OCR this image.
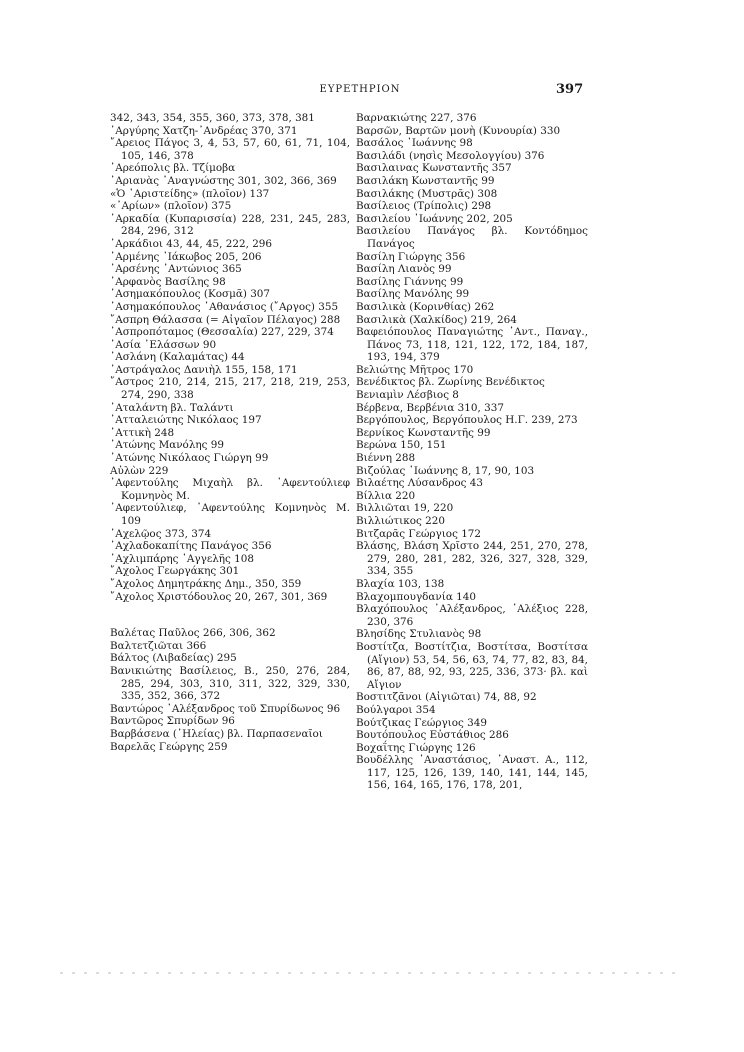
ΕΥΡΕΤΗΡΙΟΝ	397
342, 343, 354, 355, 360, 373, 378, 381
᾿Αργύρης Χατζη-᾿Ανδρέας 370, 371
῎Αρειος Πάγος 3, 4, 53, 57, 60, 61, 71, 104, 105, 146, 378
᾿Αρεόπολις βλ. Τζίμοβα
᾿Αριανὰς ᾿Αναγνώστης 301, 302, 366, 369
«Ὁ ᾿Αριστείδης» (πλοῖον) 137
«᾿Αρίων» (πλοῖον) 375
᾿Αρκαδία (Κυπαρισσία) 228, 231, 245, 283, 284, 296, 312
᾿Αρκάδιοι 43, 44, 45, 222, 296
᾿Αρμένης ᾿Ιάκωβος 205, 206
᾿Αρσένης ᾿Αντώνιος 365
᾿Αρφανὸς Βασίλης 98
᾿Ασημακόπουλος (Κοσμᾶ) 307
᾿Ασημακόπουλος ᾿Αθανάσιος (῎Αργος) 355
῎Ασπρη Θάλασσα (= Αἰγαῖον Πέλαγος) 288
᾿Ασπροπόταμος (Θεσσαλία) 227, 229, 374
᾿Ασία ᾿Ελάσσων 90
᾿Ασλάνη (Καλαμάτας) 44
᾿Αστράγαλος Δανιὴλ 155, 158, 171
῎Αστρος 210, 214, 215, 217, 218, 219, 253, 274, 290, 338
᾿Αταλάντη βλ. Ταλάντι
᾿Ατταλειώτης Νικόλαος 197
᾿Αττικὴ 248
᾿Ατώνης Μανόλης 99
᾿Ατώνης Νικόλαος Γιώργη 99
Αὐλὼν 229
᾿Αφεντούλης Μιχαὴλ βλ. ᾿Αφεντούλιεφ Κομνηνὸς Μ.
᾿Αφεντούλιεφ, ᾿Αφεντούλης Κομνηνὸς Μ. 109
᾿Αχελῷος 373, 374
᾿Αχλαδοκαπίτης Πανάγος 356
᾿Αχλιμπάρης ᾿Αγγελῆς 108
῎Αχολος Γεωργάκης 301
῎Αχολος Δημητράκης Δημ., 350, 359
῎Αχολος Χριστόδουλος 20, 267, 301, 369
Βαλέτας Παῦλος 266, 306, 362
Βαλτετζιῶται 366
Βάλτος (Λιβαδείας) 295
Βανικιώτης Βασίλειος, Β., 250, 276, 284, 285, 294, 303, 310, 311, 322, 329, 330, 335, 352, 366, 372
Βαντώρος ᾿Αλέξανδρος τοῦ Σπυρίδωνος 96
Βαντῶρος Σπυρίδων 96
Βαρβάσενα (᾿Ηλείας) βλ. Παρπασεναῖοι
Βαρελᾶς Γεώργης 259
Βαρνακιώτης 227, 376
Βαρσῶν, Βαρτῶν μονὴ (Κυνουρία) 330
Βασάλος ᾿Ιωάννης 98
Βασιλάδι (νησὶς Μεσολογγίου) 376
Βασιλαινας Κωνσταντῆς 357
Βασιλάκη Κωνσταντῆς 99
Βασιλάκης (Μυστρᾶς) 308
Βασίλειος (Τρίπολις) 298
Βασιλείου ᾿Ιωάννης 202, 205
Βασιλείου Πανάγος βλ. Κοντόδημος Πανάγος
Βασίλη Γιώργης 356
Βασίλη Λιανὸς 99
Βασίλης Γιάννης 99
Βασίλης Μανόλης 99
Βασιλικὰ (Κορινθίας) 262
Βασιλικὰ (Χαλκίδος) 219, 264
Βαφειόπουλος Παναγιώτης ᾿Αντ., Παναγ., Πάνος 73, 118, 121, 122, 172, 184, 187, 193, 194, 379
Βελιώτης Μῆτρος 170
Βενέδικτος βλ. Ζωρίνης Βενέδικτος
Βενιαμὶν Λέσβιος 8
Βέρβενα, Βερβένια 310, 337
Βεργόπουλος, Βεργόπουλος Η.Γ. 239, 273
Βερνίκος Κωνσταντῆς 99
Βερώνα 150, 151
Βιέννη 288
Βιζούλας ᾿Ιωάννης 8, 17, 90, 103
Βιλαέτης Λύσανδρος 43
Βίλλια 220
Βιλλιῶται 19, 220
Βιλλιώτικος 220
Βιτζαρᾶς Γεώργιος 172
Βλάσης, Βλάση Χρῖστο 244, 251, 270, 278, 279, 280, 281, 282, 326, 327, 328, 329, 334, 355
Βλαχία 103, 138
Βλαχομπουγδανία 140
Βλαχόπουλος ᾿Αλέξανδρος, ᾿Αλέξιος 228, 230, 376
Βλησίδης Στυλιανὸς 98
Βοστίτζα, Βοστίτζια, Βοστίτσα, Βοστίτσα (Αἴγιον) 53, 54, 56, 63, 74, 77, 82, 83, 84, 86, 87, 88, 92, 93, 225, 336, 373· βλ. καὶ Αἴγιον
Βοστιτζᾶνοι (Αἰγιῶται) 74, 88, 92
Βούλγαροι 354
Βούτζικας Γεώργιος 349
Βουτόπουλος Εὐστάθιος 286
Βοχαΐτης Γιώργης 126
Βουδέλλης ᾿Αναστάσιος, ᾿Αναστ. Α., 112, 117, 125, 126, 139, 140, 141, 144, 145, 156, 164, 165, 176, 178, 201,
